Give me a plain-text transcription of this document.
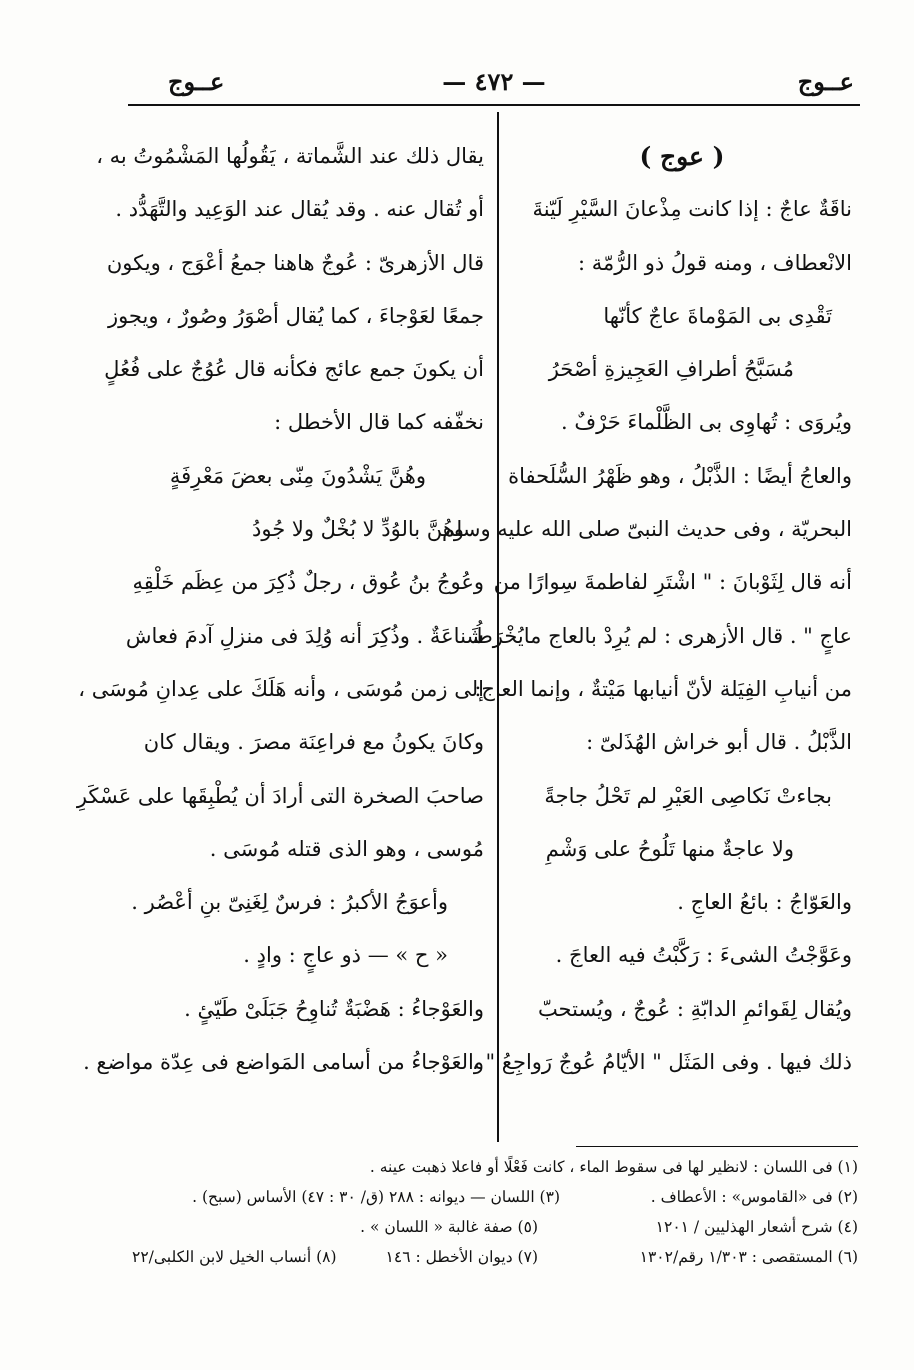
عــوج
— ٤٧٢ —
عــوج
( عوج )
ناقَةٌ عاجٌ : إذا كانت مِذْعانَ السَّيْرِ لَيّنةَ
الانْعطاف ، ومنه قولُ ذو الرُّمّة :
تَقْدِى بى المَوْماةَ عاجٌ كأنّها
مُسَبَّحُ أطرافِ العَجِيزةِ أصْحَرُ
ويُروَى : تُهاوِى بى الظَّلْماءَ حَرْفٌ .
والعاجُ أيضًا : الذَّبْلُ ، وهو ظَهْرُ السُّلَحفاة
البحريّة ، وفى حديث النبىّ صلى الله عليه وسلم
أنه قال لِثَوْبانَ : " اشْتَرِ لفاطمةَ سِوارًا من
عاجٍ " . قال الأزهرى : لم يُرِدْ بالعاج مايُخْرَطُ
من أنيابِ الفِيَلة لأنّ أنيابها مَيْتةٌ ، وإنما العاج:
الذَّبْلُ . قال أبو خراش الهُذَلىّ :
بجاءتْ نَكاصِى العَيْرِ لم تَحْلُ جاجةً
ولا عاجةٌ منها تَلُوحُ على وَشْمِ
والعَوّاجُ : بائعُ العاجِ .
وعَوَّجْتُ الشىءَ : رَكَّبْتُ فيه العاجَ .
ويُقال لِقَوائمِ الدابّةِ : عُوجٌ ، ويُستحبّ
ذلك فيها . وفى المَثَل " الأيّامُ عُوجٌ رَواجِعُ " ،
يقال ذلك عند الشَّماتة ، يَقُولُها المَشْمُوتُ به ،
أو تُقال عنه . وقد يُقال عند الوَعِيد والتَّهَدُّد .
قال الأزهرىّ : عُوجٌ هاهنا جمعُ أعْوَج ، ويكون
جمعًا لعَوْجاءَ ، كما يُقال أصْوَرُ وصُورٌ ، ويجوز
أن يكونَ جمع عائج فكأنه قال عُوُجٌ على فُعُلٍ
نخفّفه كما قال الأخطل :
وهُنَّ يَشْدُونَ مِنّى بعضَ مَعْرِفَةٍ
وهُنَّ بالوُدِّ لا بُخْلٌ ولا جُودُ
وعُوجُ بنُ عُوق ، رجلٌ ذُكِرَ من عِظَم خَلْقِهِ
شَناعَةٌ . وذُكِرَ أنه وُلِدَ فى منزلِ آدمَ فعاش
إلى زمن مُوسَى ، وأنه هَلَكَ على عِدانِ مُوسَى ،
وكانَ يكونُ مع فراعِنَة مصرَ . ويقال كان
صاحبَ الصخرة التى أرادَ أن يُطْبِقَها على عَسْكَرِ
مُوسى ، وهو الذى قتله مُوسَى .
وأعوَجُ الأكبرُ : فرسٌ لِغَنِىّ بنِ أعْصُر .
« ح » — ذو عاجٍ : وادٍ .
والعَوْجاءُ : هَضْبَةٌ تُناوِحُ جَبَلَىْ طَيّئٍ .
والعَوْجاءُ من أسامى المَواضع فى عِدّة مواضع .
(١) فى اللسان : لانظير لها فى سقوط الماء ، كانت فَعْلًا أو فاعلا ذهبت عينه .
(٢) فى «القاموس» : الأعطاف .
(٣) اللسان — ديوانه : ٢٨٨ (ق/ ٣٠ : ٤٧) الأساس (سبح) .
(٤) شرح أشعار الهذليين / ١٢٠١
(٥) صفة غالبة « اللسان » .
(٦) المستقصى : ١/٣٠٣ رقم/١٣٠٢
(٧) ديوان الأخطل : ١٤٦
(٨) أنساب الخيل لابن الكلبى/٢٢
